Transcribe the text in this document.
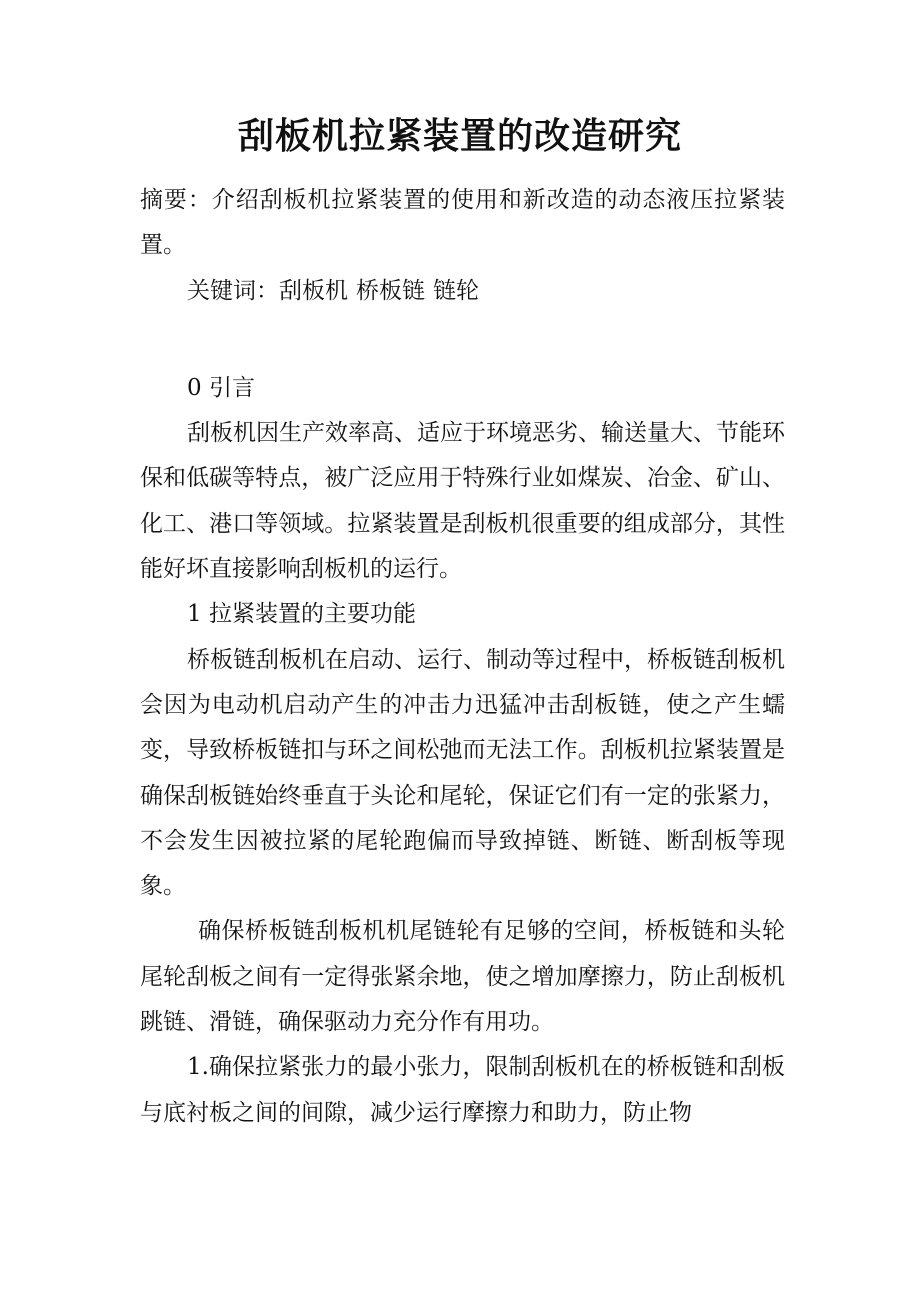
刮板机拉紧装置的改造研究

摘要：介绍刮板机拉紧装置的使用和新改造的动态液压拉紧装置。

关键词：刮板机 桥板链 链轮

0 引言

刮板机因生产效率高、适应于环境恶劣、输送量大、节能环保和低碳等特点，被广泛应用于特殊行业如煤炭、冶金、矿山、化工、港口等领域。拉紧装置是刮板机很重要的组成部分，其性能好坏直接影响刮板机的运行。

1 拉紧装置的主要功能

桥板链刮板机在启动、运行、制动等过程中，桥板链刮板机会因为电动机启动产生的冲击力迅猛冲击刮板链，使之产生蠕变，导致桥板链扣与环之间松弛而无法工作。刮板机拉紧装置是确保刮板链始终垂直于头论和尾轮，保证它们有一定的张紧力，不会发生因被拉紧的尾轮跑偏而导致掉链、断链、断刮板等现象。

确保桥板链刮板机机尾链轮有足够的空间，桥板链和头轮尾轮刮板之间有一定得张紧余地，使之增加摩擦力，防止刮板机跳链、滑链，确保驱动力充分作有用功。

1.确保拉紧张力的最小张力，限制刮板机在的桥板链和刮板与底衬板之间的间隙，减少运行摩擦力和助力，防止物
